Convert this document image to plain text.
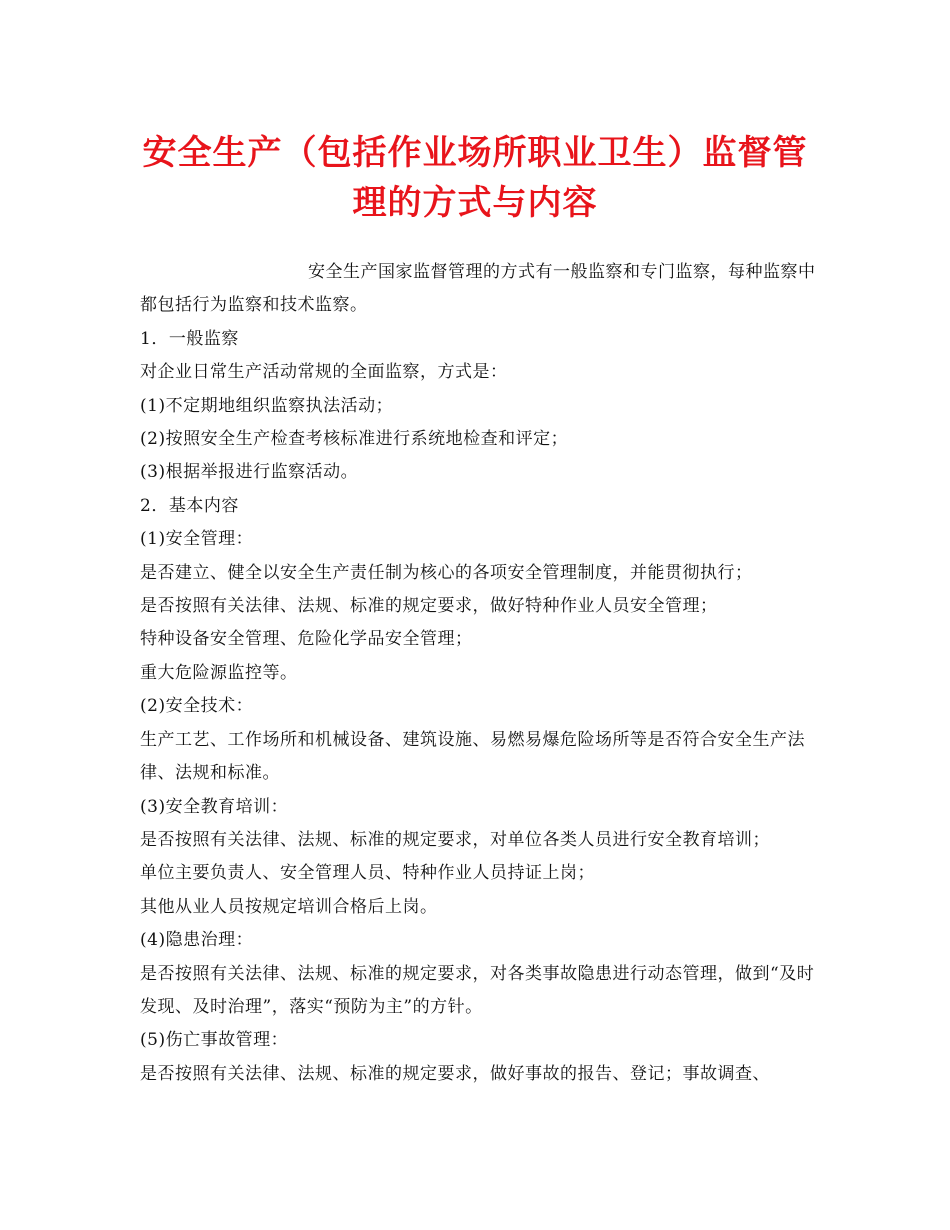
安全生产（包括作业场所职业卫生）监督管
理的方式与内容

安全生产国家监督管理的方式有一般监察和专门监察，每种监察中都包括行为监察和技术监察。

1．一般监察

对企业日常生产活动常规的全面监察，方式是：

(1)不定期地组织监察执法活动；

(2)按照安全生产检查考核标准进行系统地检查和评定；

(3)根据举报进行监察活动。

2．基本内容

(1)安全管理：

是否建立、健全以安全生产责任制为核心的各项安全管理制度，并能贯彻执行；

是否按照有关法律、法规、标准的规定要求，做好特种作业人员安全管理；

特种设备安全管理、危险化学品安全管理；

重大危险源监控等。

(2)安全技术：

生产工艺、工作场所和机械设备、建筑设施、易燃易爆危险场所等是否符合安全生产法律、法规和标准。

(3)安全教育培训：

是否按照有关法律、法规、标准的规定要求，对单位各类人员进行安全教育培训；

单位主要负责人、安全管理人员、特种作业人员持证上岗；

其他从业人员按规定培训合格后上岗。

(4)隐患治理：

是否按照有关法律、法规、标准的规定要求，对各类事故隐患进行动态管理，做到“及时发现、及时治理”，落实“预防为主”的方针。

(5)伤亡事故管理：

是否按照有关法律、法规、标准的规定要求，做好事故的报告、登记；事故调查、
